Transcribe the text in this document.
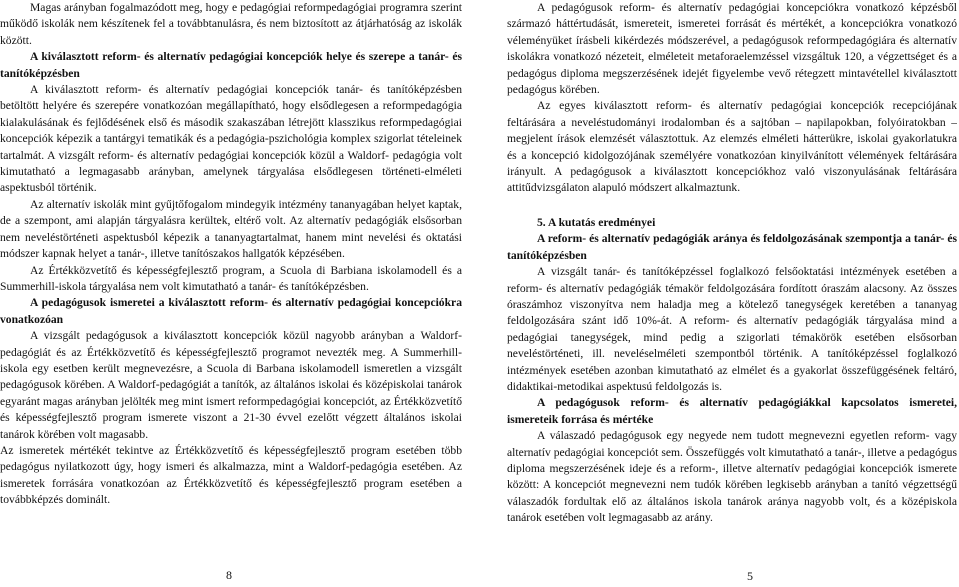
Magas arányban fogalmazódott meg, hogy e pedagógiai reformpedagógiai programra szerint működő iskolák nem készítenek fel a továbbtanulásra, és nem biztosított az átjárhatóság az iskolák között.

A kiválasztott reform- és alternatív pedagógiai koncepciók helye és szerepe a tanár- és tanítóképzésben

A kiválasztott reform- és alternatív pedagógiai koncepciók tanár- és tanítóképzésben betöltött helyére és szerepére vonatkozóan megállapítható, hogy elsődlegesen a reformpedagógia kialakulásának és fejlődésének első és második szakaszában létrejött klasszikus reformpedagógiai koncepciók képezik a tantárgyi tematikák és a pedagógia-pszichológia komplex szigorlat tételeinek tartalmát. A vizsgált reform- és alternatív pedagógiai koncepciók közül a Waldorf- pedagógia volt kimutatható a legmagasabb arányban, amelynek tárgyalása elsődlegesen történeti-elméleti aspektusból történik.

Az alternatív iskolák mint gyűjtőfogalom mindegyik intézmény tananyagában helyet kaptak, de a szempont, ami alapján tárgyalásra kerültek, eltérő volt. Az alternatív pedagógiák elsősorban nem neveléstörténeti aspektusból képezik a tananyagtartalmat, hanem mint nevelési és oktatási módszer kapnak helyet a tanár-, illetve tanítószakos hallgatók képzésében.

Az Értékközvetítő és képességfejlesztő program, a Scuola di Barbiana iskolamodell és a Summerhill-iskola tárgyalása nem volt kimutatható a tanár- és tanítóképzésben.

A pedagógusok ismeretei a kiválasztott reform- és alternatív pedagógiai koncepciókra vonatkozóan

A vizsgált pedagógusok a kiválasztott koncepciók közül nagyobb arányban a Waldorf-pedagógiát és az Értékközvetítő és képességfejlesztő programot nevezték meg. A Summerhill-iskola egy esetben került megnevezésre, a Scuola di Barbana iskolamodell ismeretlen a vizsgált pedagógusok körében. A Waldorf-pedagógiát a tanítók, az általános iskolai és középiskolai tanárok egyaránt magas arányban jelölték meg mint ismert reformpedagógiai koncepciót, az Értékközvetítő és képességfejlesztő program ismerete viszont a 21-30 évvel ezelőtt végzett általános iskolai tanárok körében volt magasabb.

Az ismeretek mértékét tekintve az Értékközvetítő és képességfejlesztő program esetében több pedagógus nyilatkozott úgy, hogy ismeri és alkalmazza, mint a Waldorf-pedagógia esetében. Az ismeretek forrására vonatkozóan az Értékközvetítő és képességfejlesztő program esetében a továbbképzés dominált.

A pedagógusok reform- és alternatív pedagógiai koncepciókra vonatkozó képzésből származó háttértudását, ismereteit, ismeretei forrását és mértékét, a koncepciókra vonatkozó véleményüket írásbeli kikérdezés módszerével, a pedagógusok reformpedagógiára és alternatív iskolákra vonatkozó nézeteit, elméleteit metaforaelemzéssel vizsgáltuk 120, a végzettséget és a pedagógus diploma megszerzésének idejét figyelembe vevő rétegzett mintavétellel kiválasztott pedagógus körében.

Az egyes kiválasztott reform- és alternatív pedagógiai koncepciók recepciójának feltárására a neveléstudományi irodalomban és a sajtóban – napilapokban, folyóiratokban – megjelent írások elemzését választottuk. Az elemzés elméleti hátterükre, iskolai gyakorlatukra és a koncepció kidolgozójának személyére vonatkozóan kinyilvánított vélemények feltárására irányult. A pedagógusok a kiválasztott koncepciókhoz való viszonyulásának feltárására attitűdvizsgálaton alapuló módszert alkalmaztunk.

5. A kutatás eredményei

A reform- és alternatív pedagógiák aránya és feldolgozásának szempontja a tanár- és tanítóképzésben

A vizsgált tanár- és tanítóképzéssel foglalkozó felsőoktatási intézmények esetében a reform- és alternatív pedagógiák témakör feldolgozására fordított óraszám alacsony. Az összes óraszámhoz viszonyítva nem haladja meg a kötelező tanegységek keretében a tananyag feldolgozására szánt idő 10%-át. A reform- és alternatív pedagógiák tárgyalása mind a pedagógiai tanegységek, mind pedig a szigorlati témakörök esetében elsősorban neveléstörténeti, ill. neveléselméleti szempontból történik. A tanítóképzéssel foglalkozó intézmények esetében azonban kimutatható az elmélet és a gyakorlat összefüggésének feltáró, didaktikai-metodikai aspektusú feldolgozás is.

A pedagógusok reform- és alternatív pedagógiákkal kapcsolatos ismeretei, ismereteik forrása és mértéke

A válaszadó pedagógusok egy negyede nem tudott megnevezni egyetlen reform- vagy alternatív pedagógiai koncepciót sem. Összefüggés volt kimutatható a tanár-, illetve a pedagógus diploma megszerzésének ideje és a reform-, illetve alternatív pedagógiai koncepciók ismerete között: A koncepciót megnevezni nem tudók körében legkisebb arányban a tanító végzettségű válaszadók fordultak elő az általános iskola tanárok aránya nagyobb volt, és a középiskola tanárok esetében volt legmagasabb az arány.

8	5
